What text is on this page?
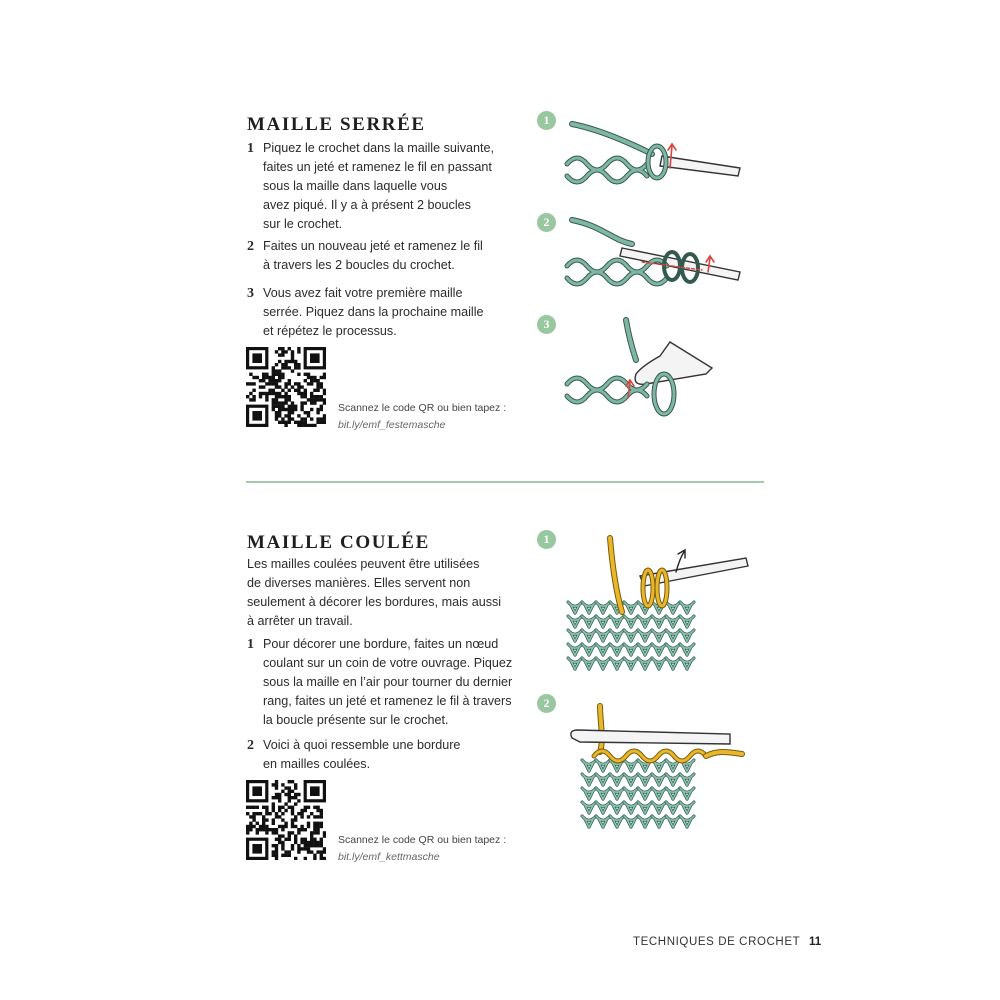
MAILLE SERRÉE
1 Piquez le crochet dans la maille suivante,
faites un jeté et ramenez le fil en passant
sous la maille dans laquelle vous
avez piqué. Il y a à présent 2 boucles
sur le crochet.
2 Faites un nouveau jeté et ramenez le fil
à travers les 2 boucles du crochet.
3 Vous avez fait votre première maille
serrée. Piquez dans la prochaine maille
et répétez le processus.
Scannez le code QR ou bien tapez :
bit.ly/emf_festemasche
1
2
3
MAILLE COULÉE
Les mailles coulées peuvent être utilisées
de diverses manières. Elles servent non
seulement à décorer les bordures, mais aussi
à arrêter un travail.
1 Pour décorer une bordure, faites un nœud
coulant sur un coin de votre ouvrage. Piquez
sous la maille en l’air pour tourner du dernier
rang, faites un jeté et ramenez le fil à travers
la boucle présente sur le crochet.
2 Voici à quoi ressemble une bordure
en mailles coulées.
Scannez le code QR ou bien tapez :
bit.ly/emf_kettmasche
1
2
TECHNIQUES DE CROCHET 11
